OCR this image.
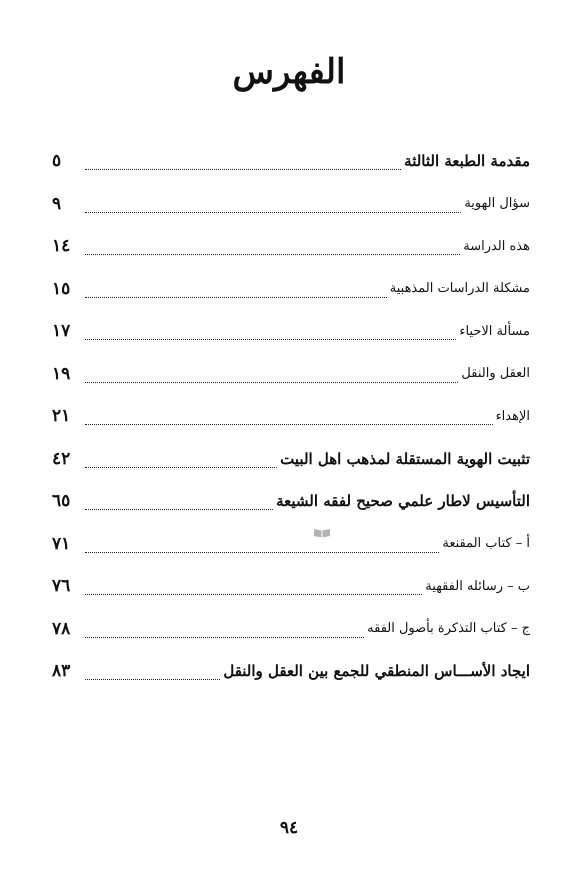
الفهرس
مقدمة الطبعة الثالثة
٥
سؤال الهوية
٩
هذه الدراسة
١٤
مشكلة الدراسات المذهبية
١٥
مسألة الاحياء
١٧
العقل والنقل
١٩
الإهداء
٢١
تثبيت الهوية المستقلة لمذهب اهل البيت
٤٢
التأسيس لاطار علمي صحيح لفقه الشيعة
٦٥
أ – كتاب المقنعة
٧١
ب – رسائله الفقهية
٧٦
ج – كتاب التذكرة بأصول الفقه
٧٨
ايجاد الأســـاس المنطقي للجمع بين العقل والنقل
٨٣
٩٤
